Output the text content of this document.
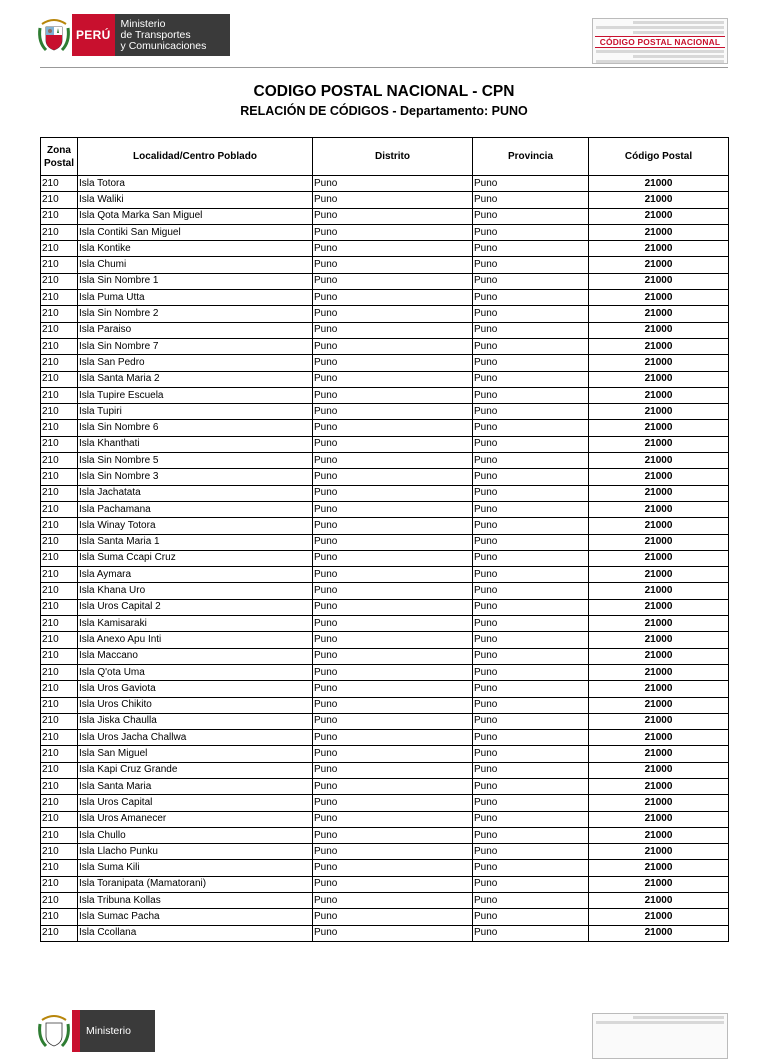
PERÚ
Ministerio
de Transportes
y Comunicaciones	CÓDIGO POSTAL NACIONAL
CODIGO POSTAL NACIONAL - CPN
RELACIÓN DE CÓDIGOS - Departamento: PUNO
Zona Postal	Localidad/Centro Poblado	Distrito	Provincia	Código Postal
210	Isla Totora	Puno	Puno	21000
210	Isla Waliki	Puno	Puno	21000
210	Isla Qota Marka San Miguel	Puno	Puno	21000
210	Isla Contiki San Miguel	Puno	Puno	21000
210	Isla Kontike	Puno	Puno	21000
210	Isla Chumi	Puno	Puno	21000
210	Isla Sin Nombre 1	Puno	Puno	21000
210	Isla Puma Utta	Puno	Puno	21000
210	Isla Sin Nombre 2	Puno	Puno	21000
210	Isla Paraiso	Puno	Puno	21000
210	Isla Sin Nombre 7	Puno	Puno	21000
210	Isla San Pedro	Puno	Puno	21000
210	Isla Santa Maria 2	Puno	Puno	21000
210	Isla Tupire Escuela	Puno	Puno	21000
210	Isla Tupiri	Puno	Puno	21000
210	Isla Sin Nombre 6	Puno	Puno	21000
210	Isla Khanthati	Puno	Puno	21000
210	Isla Sin Nombre 5	Puno	Puno	21000
210	Isla Sin Nombre 3	Puno	Puno	21000
210	Isla Jachatata	Puno	Puno	21000
210	Isla Pachamana	Puno	Puno	21000
210	Isla Winay Totora	Puno	Puno	21000
210	Isla Santa Maria 1	Puno	Puno	21000
210	Isla Suma Ccapi Cruz	Puno	Puno	21000
210	Isla Aymara	Puno	Puno	21000
210	Isla Khana Uro	Puno	Puno	21000
210	Isla Uros Capital 2	Puno	Puno	21000
210	Isla Kamisaraki	Puno	Puno	21000
210	Isla Anexo Apu Inti	Puno	Puno	21000
210	Isla Maccano	Puno	Puno	21000
210	Isla Q'ota Uma	Puno	Puno	21000
210	Isla Uros Gaviota	Puno	Puno	21000
210	Isla Uros Chikito	Puno	Puno	21000
210	Isla Jiska Chaulla	Puno	Puno	21000
210	Isla Uros Jacha Challwa	Puno	Puno	21000
210	Isla San Miguel	Puno	Puno	21000
210	Isla Kapi Cruz Grande	Puno	Puno	21000
210	Isla Santa Maria	Puno	Puno	21000
210	Isla Uros Capital	Puno	Puno	21000
210	Isla Uros Amanecer	Puno	Puno	21000
210	Isla Chullo	Puno	Puno	21000
210	Isla Llacho Punku	Puno	Puno	21000
210	Isla Suma Kili	Puno	Puno	21000
210	Isla Toranipata (Mamatorani)	Puno	Puno	21000
210	Isla Tribuna Kollas	Puno	Puno	21000
210	Isla Sumac Pacha	Puno	Puno	21000
210	Isla Ccollana	Puno	Puno	21000
Ministerio
